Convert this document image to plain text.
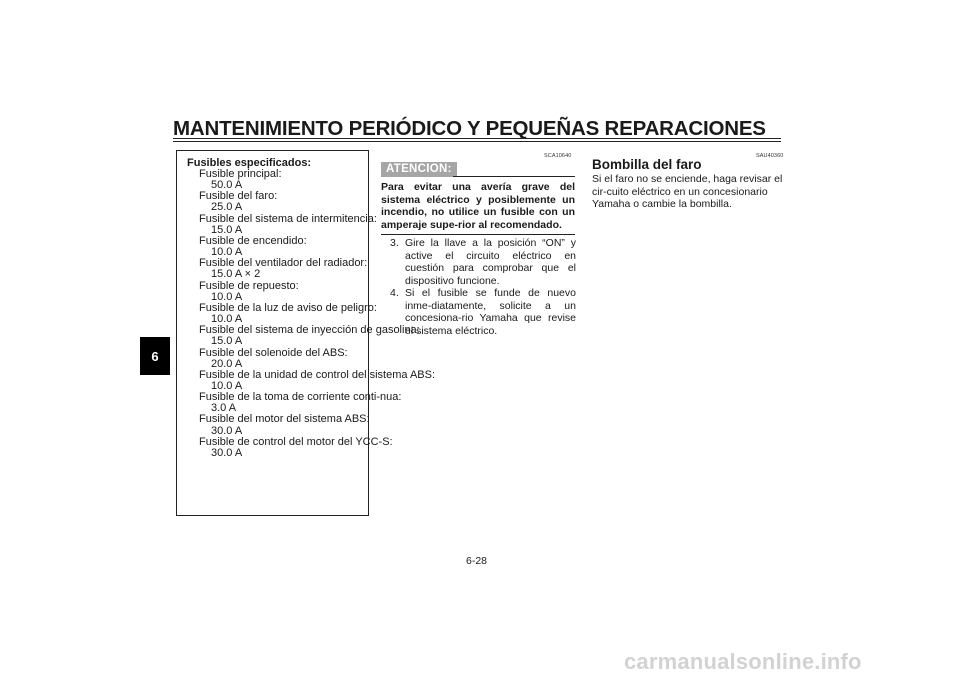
MANTENIMIENTO PERIÓDICO Y PEQUEÑAS REPARACIONES
6
Fusibles especificados:
Fusible principal:
50.0 A
Fusible del faro:
25.0 A
Fusible del sistema de intermitencia:
15.0 A
Fusible de encendido:
10.0 A
Fusible del ventilador del radiador:
15.0 A × 2
Fusible de repuesto:
10.0 A
Fusible de la luz de aviso de peligro:
10.0 A
Fusible del sistema de inyección de gasolina:
15.0 A
Fusible del solenoide del ABS:
20.0 A
Fusible de la unidad de control del sistema ABS:
10.0 A
Fusible de la toma de corriente conti-nua:
3.0 A
Fusible del motor del sistema ABS:
30.0 A
Fusible de control del motor del YCC-S:
30.0 A
SCA10640
ATENCION:
Para evitar una avería grave del sistema eléctrico y posiblemente un incendio, no utilice un fusible con un amperaje supe-rior al recomendado.
3. Gire la llave a la posición “ON” y active el circuito eléctrico en cuestión para comprobar que el dispositivo funcione.
4. Si el fusible se funde de nuevo inme-diatamente, solicite a un concesiona-rio Yamaha que revise el sistema eléctrico.
SAU40360
Bombilla del faro
Si el faro no se enciende, haga revisar el cir-cuito eléctrico en un concesionario Yamaha o cambie la bombilla.
6-28
carmanualsonline.info
